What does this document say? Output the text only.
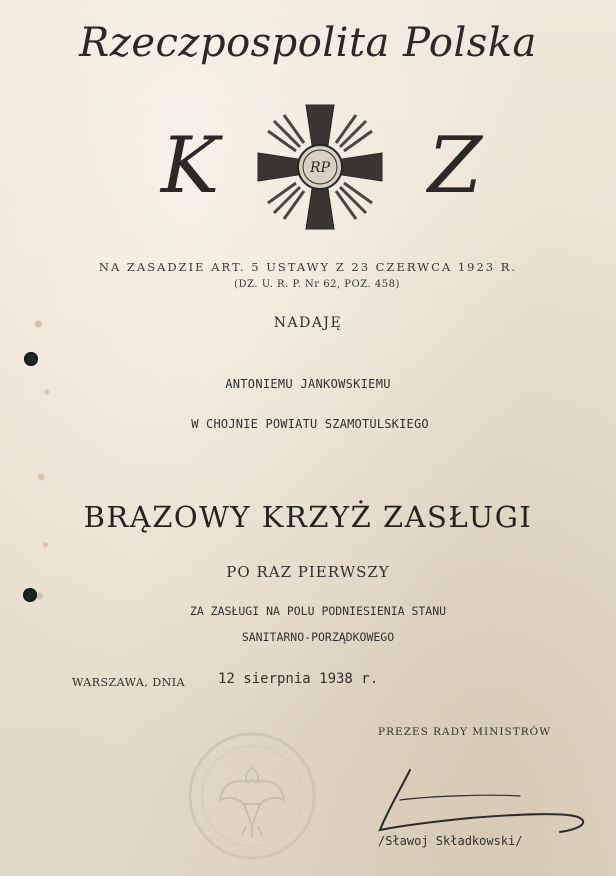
Rzeczpospolita Polska
K	Z
RP
NA ZASADZIE ART. 5 USTAWY Z 23 CZERWCA 1923 R.
(DZ. U. R. P. Nr 62, POZ. 458)
NADAJĘ
ANTONIEMU JANKOWSKIEMU
W CHOJNIE POWIATU SZAMOTULSKIEGO
BRĄZOWY KRZYŻ ZASŁUGI
PO RAZ PIERWSZY
ZA ZASŁUGI NA POLU PODNIESIENIA STANU
SANITARNO-PORZĄDKOWEGO
WARSZAWA, DNIA 12 sierpnia 1938 r.
PREZES RADY MINISTRÓW
/Sławoj Składkowski/
